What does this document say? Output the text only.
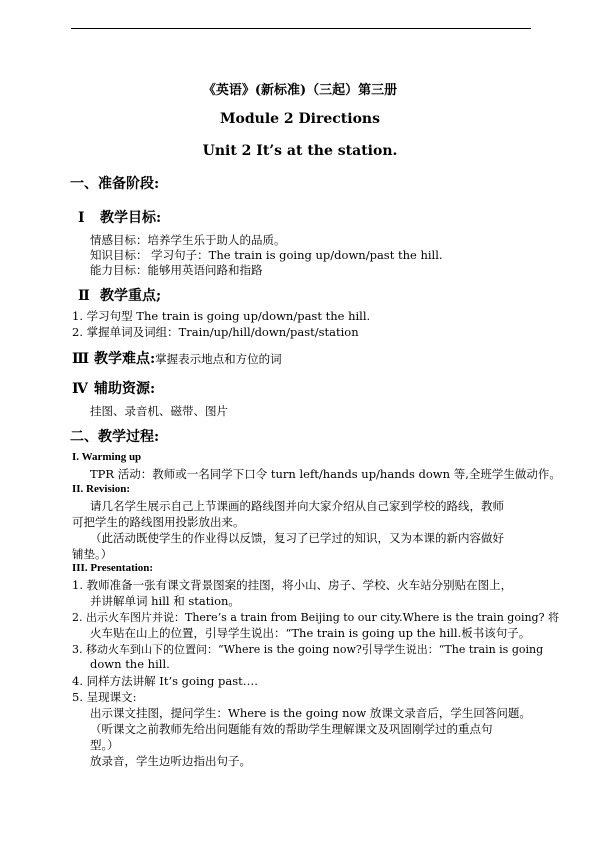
《英语》(新标准)（三起）第三册
Module 2 Directions
Unit 2 It’s at the station.
一、准备阶段:
Ⅰ 教学目标:
情感目标：培养学生乐于助人的品质。
知识目标： 学习句子：The train is going up/down/past the hill.
能力目标：能够用英语问路和指路
Ⅱ 教学重点;
1. 学习句型 The train is going up/down/past the hill.
2. 掌握单词及词组：Train/up/hill/down/past/station
Ⅲ 教学难点:掌握表示地点和方位的词
Ⅳ 辅助资源:
挂图、录音机、磁带、图片
二、教学过程:
I. Warming up
TPR 活动：教师或一名同学下口令 turn left/hands up/hands down 等,全班学生做动作。
II. Revision:
请几名学生展示自己上节课画的路线图并向大家介绍从自己家到学校的路线，教师
可把学生的路线图用投影放出来。
（此活动既使学生的作业得以反馈，复习了已学过的知识，又为本课的新内容做好
铺垫。）
III. Presentation:
1. 教师准备一张有课文背景图案的挂图，将小山、房子、学校、火车站分别贴在图上，
并讲解单词 hill 和 station。
2. 出示火车图片并说：There’s a train from Beijing to our city.Where is the train going? 将
火车贴在山上的位置，引导学生说出：“The train is going up the hill.板书该句子。
3. 移动火车到山下的位置问：“Where is the going now?引导学生说出：“The train is going
down the hill.
4. 同样方法讲解 It’s going past….
5. 呈现课文:
出示课文挂图，提问学生：Where is the going now 放课文录音后，学生回答问题。
（听课文之前教师先给出问题能有效的帮助学生理解课文及巩固刚学过的重点句
型。）
放录音，学生边听边指出句子。
